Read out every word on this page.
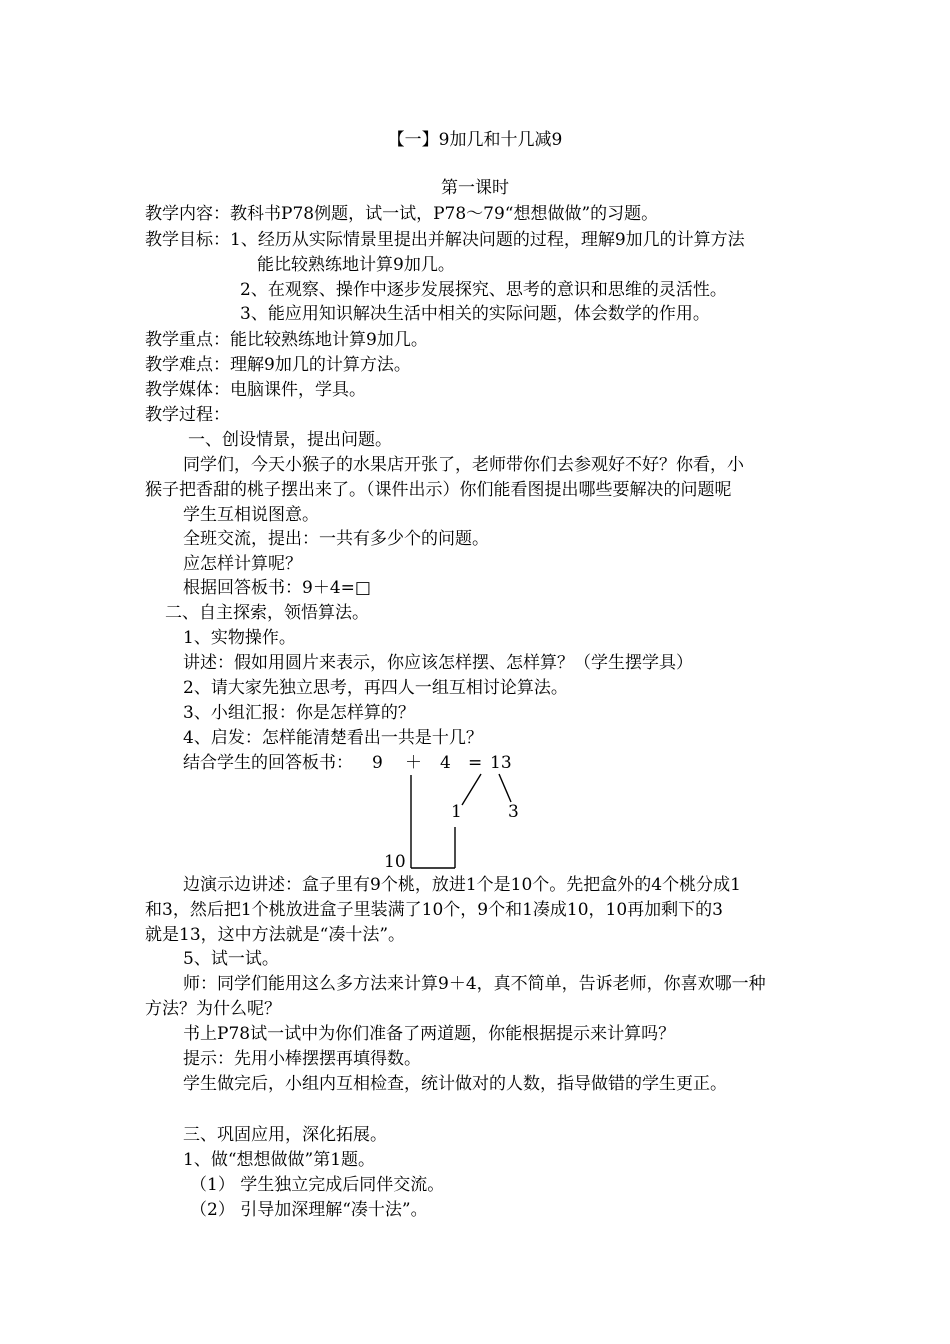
【一】9加几和十几减9
第一课时
教学内容：教科书P78例题，试一试，P78～79“想想做做”的习题。
教学目标：1、经历从实际情景里提出并解决问题的过程，理解9加几的计算方法
能比较熟练地计算9加几。
2、在观察、操作中逐步发展探究、思考的意识和思维的灵活性。
3、能应用知识解决生活中相关的实际问题，体会数学的作用。
教学重点：能比较熟练地计算9加几。
教学难点：理解9加几的计算方法。
教学媒体：电脑课件，学具。
教学过程：
一、创设情景，提出问题。
同学们，今天小猴子的水果店开张了，老师带你们去参观好不好？你看，小
猴子把香甜的桃子摆出来了。（课件出示）你们能看图提出哪些要解决的问题呢
学生互相说图意。
全班交流，提出：一共有多少个的问题。
应怎样计算呢？
根据回答板书：9＋4=□
二、自主探索，领悟算法。
1、实物操作。
讲述：假如用圆片来表示，你应该怎样摆、怎样算？（学生摆学具）
2、请大家先独立思考，再四人一组互相讨论算法。
3、小组汇报：你是怎样算的？
4、启发：怎样能清楚看出一共是十几？
结合学生的回答板书： 9 ＋ 4 = 13
1	3
10
边演示边讲述：盒子里有9个桃，放进1个是10个。先把盒外的4个桃分成1
和3，然后把1个桃放进盒子里装满了10个，9个和1凑成10，10再加剩下的3
就是13，这中方法就是“凑十法”。
5、试一试。
师：同学们能用这么多方法来计算9＋4，真不简单，告诉老师，你喜欢哪一种
方法？为什么呢？
书上P78试一试中为你们准备了两道题，你能根据提示来计算吗？
提示：先用小棒摆摆再填得数。
学生做完后，小组内互相检查，统计做对的人数，指导做错的学生更正。
三、巩固应用，深化拓展。
1、做“想想做做”第1题。
（1） 学生独立完成后同伴交流。
（2） 引导加深理解“凑十法”。
